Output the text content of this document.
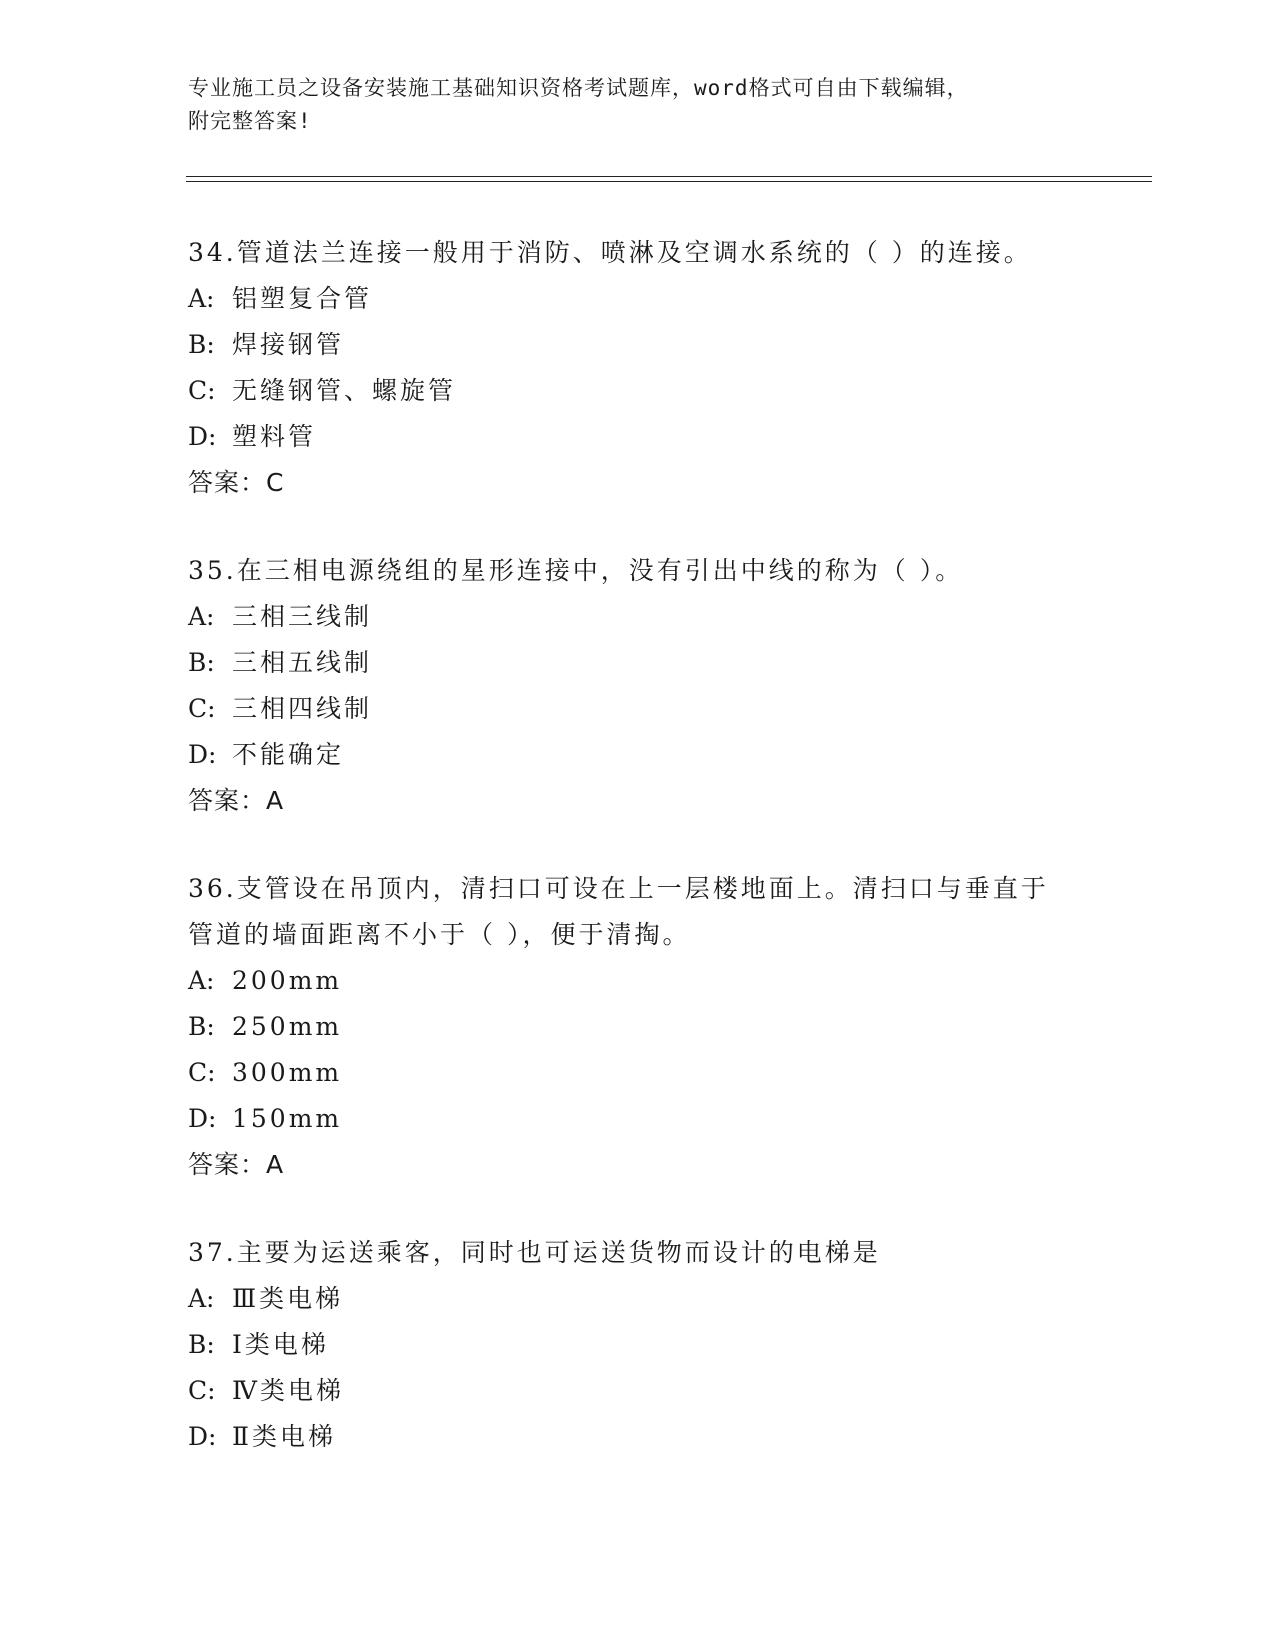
专业施工员之设备安装施工基础知识资格考试题库，word格式可自由下载编辑，
附完整答案!
34.管道法兰连接一般用于消防、喷淋及空调水系统的（ ）的连接。
A: 铝塑复合管
B: 焊接钢管
C: 无缝钢管、螺旋管
D: 塑料管
答案：C
35.在三相电源绕组的星形连接中，没有引出中线的称为（ ）。
A: 三相三线制
B: 三相五线制
C: 三相四线制
D: 不能确定
答案：A
36.支管设在吊顶内，清扫口可设在上一层楼地面上。清扫口与垂直于
管道的墙面距离不小于（ ），便于清掏。
A: 200mm
B: 250mm
C: 300mm
D: 150mm
答案：A
37.主要为运送乘客，同时也可运送货物而设计的电梯是
A: Ⅲ类电梯
B: Ⅰ类电梯
C: Ⅳ类电梯
D: Ⅱ类电梯
